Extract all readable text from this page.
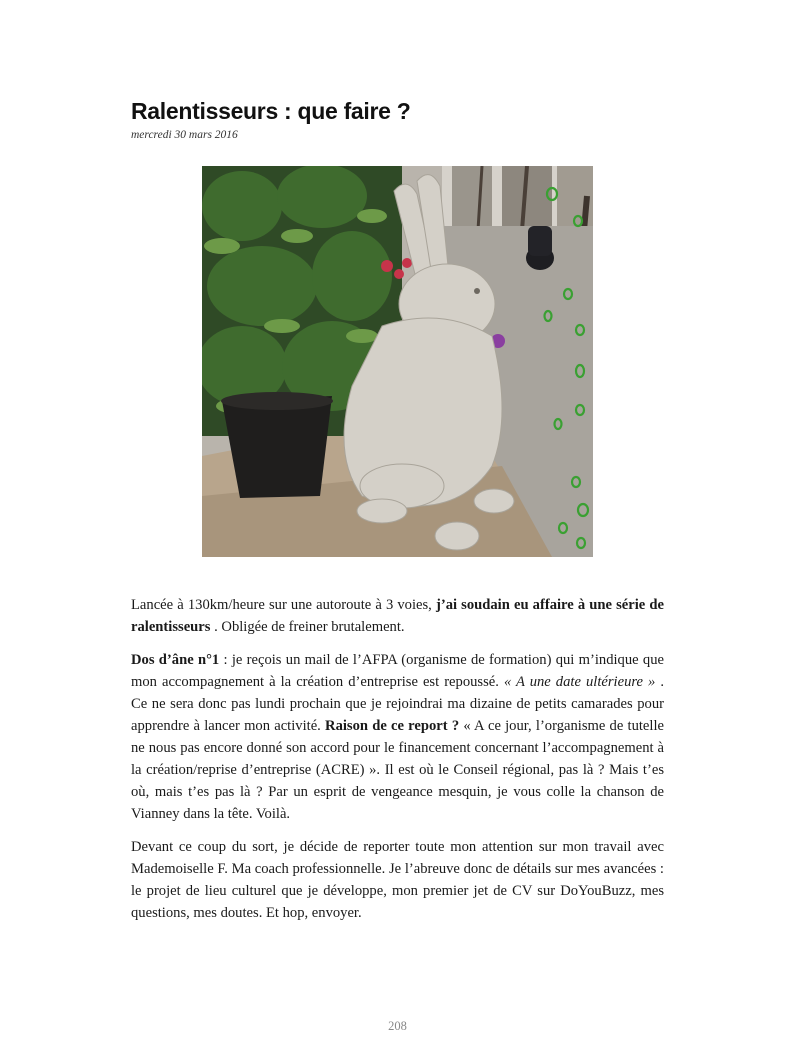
Ralentisseurs : que faire ?
mercredi 30 mars 2016

Lancée à 130km/heure sur une autoroute à 3 voies, j’ai soudain eu affaire à une série de ralentisseurs . Obligée de freiner brutalement.

Dos d’âne n°1 : je reçois un mail de l’AFPA (organisme de formation) qui m’indique que mon accompagnement à la création d’entreprise est repoussé. « A une date ultérieure » . Ce ne sera donc pas lundi prochain que je rejoindrai ma dizaine de petits camarades pour apprendre à lancer mon activité. Raison de ce report ? « A ce jour, l’organisme de tutelle ne nous pas encore donné son accord pour le financement concernant l’accompagnement à la création/reprise d’entreprise (ACRE) ». Il est où le Conseil régional, pas là ? Mais t’es où, mais t’es pas là ? Par un esprit de vengeance mesquin, je vous colle la chanson de Vianney dans la tête. Voilà.

Devant ce coup du sort, je décide de reporter toute mon attention sur mon travail avec Mademoiselle F. Ma coach professionnelle. Je l’abreuve donc de détails sur mes avancées : le projet de lieu culturel que je développe, mon premier jet de CV sur DoYouBuzz, mes questions, mes doutes. Et hop, envoyer.

208
